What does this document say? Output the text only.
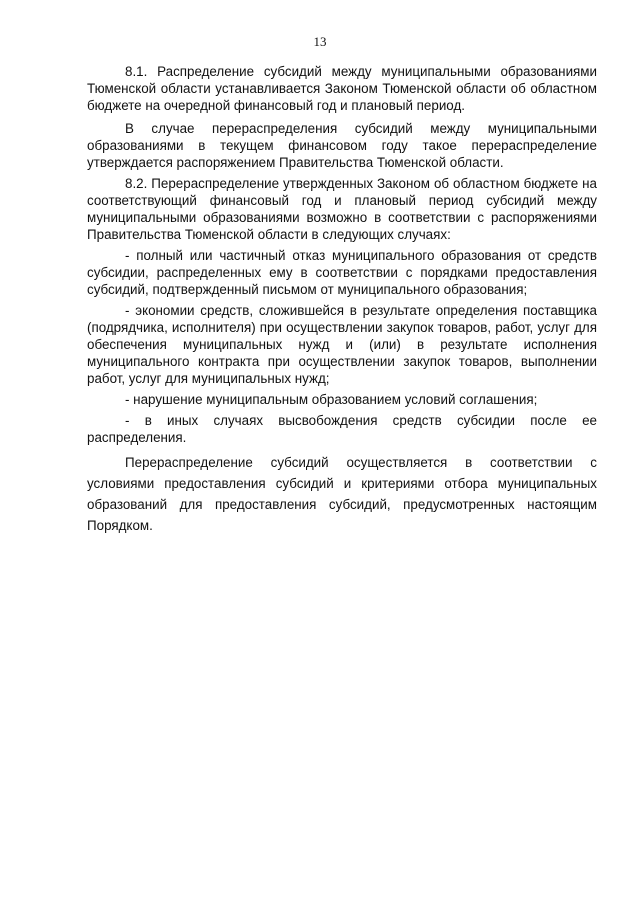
13

8.1. Распределение субсидий между муниципальными образованиями Тюменской области устанавливается Законом Тюменской области об областном бюджете на очередной финансовый год и плановый период.

В случае перераспределения субсидий между муниципальными образованиями в текущем финансовом году такое перераспределение утверждается распоряжением Правительства Тюменской области.

8.2. Перераспределение утвержденных Законом об областном бюджете на соответствующий финансовый год и плановый период субсидий между муниципальными образованиями возможно в соответствии с распоряжениями Правительства Тюменской области в следующих случаях:

- полный или частичный отказ муниципального образования от средств субсидии, распределенных ему в соответствии с порядками предоставления субсидий, подтвержденный письмом от муниципального образования;

- экономии средств, сложившейся в результате определения поставщика (подрядчика, исполнителя) при осуществлении закупок товаров, работ, услуг для обеспечения муниципальных нужд и (или) в результате исполнения муниципального контракта при осуществлении закупок товаров, выполнении работ, услуг для муниципальных нужд;

- нарушение муниципальным образованием условий соглашения;

- в иных случаях высвобождения средств субсидии после ее распределения.

Перераспределение субсидий осуществляется в соответствии с условиями предоставления субсидий и критериями отбора муниципальных образований для предоставления субсидий, предусмотренных настоящим Порядком.
